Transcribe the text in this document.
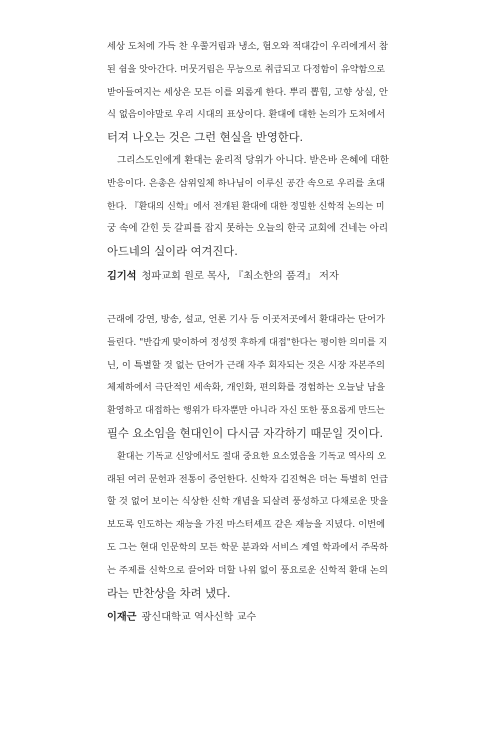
세상 도처에 가득 찬 우쭐거림과 냉소, 혐오와 적대감이 우리에게서 참
된 쉼을 앗아간다. 머뭇거림은 무능으로 취급되고 다정함이 유약함으로
받아들여지는 세상은 모든 이를 외롭게 한다. 뿌리 뽑힘, 고향 상실, 안
식 없음이야말로 우리 시대의 표상이다. 환대에 대한 논의가 도처에서
터져 나오는 것은 그런 현실을 반영한다.
그리스도인에게 환대는 윤리적 당위가 아니다. 받은바 은혜에 대한
반응이다. 은총은 삼위일체 하나님이 이루신 공간 속으로 우리를 초대
한다. 『환대의 신학』에서 전개된 환대에 대한 정밀한 신학적 논의는 미
궁 속에 갇힌 듯 갈피를 잡지 못하는 오늘의 한국 교회에 건네는 아리
아드네의 실이라 여겨진다.
김기석 청파교회 원로 목사, 『최소한의 품격』 저자
근래에 강연, 방송, 설교, 언론 기사 등 이곳저곳에서 환대라는 단어가
들린다. "반갑게 맞이하여 정성껏 후하게 대접"한다는 평이한 의미를 지
닌, 이 특별할 것 없는 단어가 근래 자주 회자되는 것은 시장 자본주의
체제하에서 극단적인 세속화, 개인화, 편의화를 경험하는 오늘날 남을
환영하고 대접하는 행위가 타자뿐만 아니라 자신 또한 풍요롭게 만드는
필수 요소임을 현대인이 다시금 자각하기 때문일 것이다.
환대는 기독교 신앙에서도 절대 중요한 요소였음을 기독교 역사의 오
래된 여러 문헌과 전통이 증언한다. 신학자 김진혁은 더는 특별히 언급
할 것 없어 보이는 식상한 신학 개념을 되살려 풍성하고 다채로운 맛을
보도록 인도하는 재능을 가진 마스터셰프 같은 재능을 지녔다. 이번에
도 그는 현대 인문학의 모든 학문 분과와 서비스 계열 학과에서 주목하
는 주제를 신학으로 끌어와 더할 나위 없이 풍요로운 신학적 환대 논의
라는 만찬상을 차려 냈다.
이재근 광신대학교 역사신학 교수
